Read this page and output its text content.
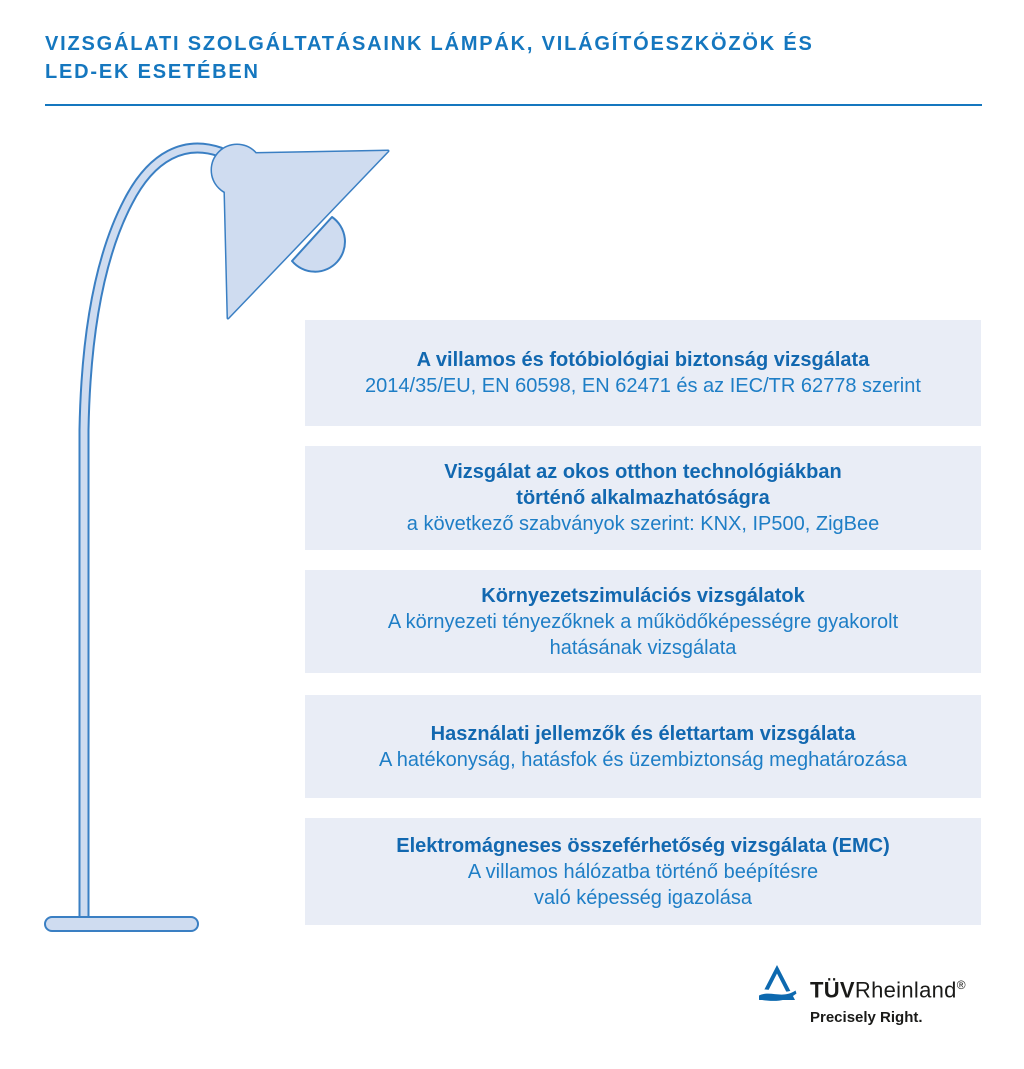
VIZSGÁLATI SZOLGÁLTATÁSAINK LÁMPÁK, VILÁGÍTÓESZKÖZÖK ÉS
LED-EK ESETÉBEN
A villamos és fotóbiológiai biztonság vizsgálata
2014/35/EU, EN 60598, EN 62471 és az IEC/TR 62778 szerint
Vizsgálat az okos otthon technológiákban
történő alkalmazhatóságra
a következő szabványok szerint: KNX, IP500, ZigBee
Környezetszimulációs vizsgálatok
A környezeti tényezőknek a működőképességre gyakorolt
hatásának vizsgálata
Használati jellemzők és élettartam vizsgálata
A hatékonyság, hatásfok és üzembiztonság meghatározása
Elektromágneses összeférhetőség vizsgálata (EMC)
A villamos hálózatba történő beépítésre
való képesség igazolása
TÜVRheinland®
Precisely Right.
